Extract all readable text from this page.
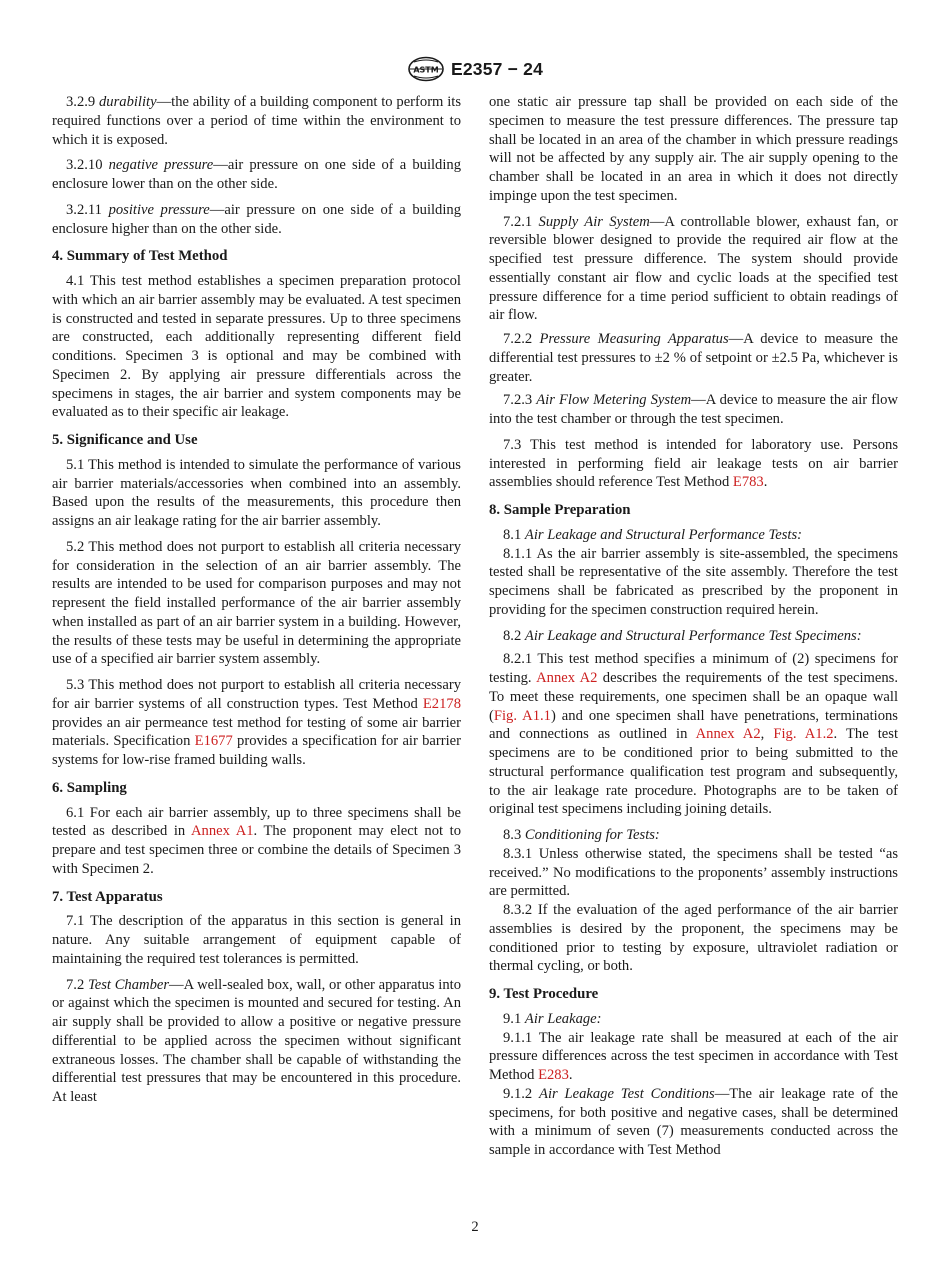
ASTM E2357 − 24

3.2.9 durability—the ability of a building component to perform its required functions over a period of time within the environment to which it is exposed.

3.2.10 negative pressure—air pressure on one side of a building enclosure lower than on the other side.

3.2.11 positive pressure—air pressure on one side of a building enclosure higher than on the other side.

4. Summary of Test Method

4.1 This test method establishes a specimen preparation protocol with which an air barrier assembly may be evaluated. A test specimen is constructed and tested in separate pressures. Up to three specimens are constructed, each additionally representing different field conditions. Specimen 3 is optional and may be combined with Specimen 2. By applying air pressure differentials across the specimens in stages, the air barrier and system components may be evaluated as to their specific air leakage.

5. Significance and Use

5.1 This method is intended to simulate the performance of various air barrier materials/accessories when combined into an assembly. Based upon the results of the measurements, this procedure then assigns an air leakage rating for the air barrier assembly.

5.2 This method does not purport to establish all criteria necessary for consideration in the selection of an air barrier assembly. The results are intended to be used for comparison purposes and may not represent the field installed performance of the air barrier assembly when installed as part of an air barrier system in a building. However, the results of these tests may be useful in determining the appropriate use of a specified air barrier system assembly.

5.3 This method does not purport to establish all criteria necessary for air barrier systems of all construction types. Test Method E2178 provides an air permeance test method for testing of some air barrier materials. Specification E1677 provides a specification for air barrier systems for low-rise framed building walls.

6. Sampling

6.1 For each air barrier assembly, up to three specimens shall be tested as described in Annex A1. The proponent may elect not to prepare and test specimen three or combine the details of Specimen 3 with Specimen 2.

7. Test Apparatus

7.1 The description of the apparatus in this section is general in nature. Any suitable arrangement of equipment capable of maintaining the required test tolerances is permitted.

7.2 Test Chamber—A well-sealed box, wall, or other apparatus into or against which the specimen is mounted and secured for testing. An air supply shall be provided to allow a positive or negative pressure differential to be applied across the specimen without significant extraneous losses. The chamber shall be capable of withstanding the differential test pressures that may be encountered in this procedure. At least

one static air pressure tap shall be provided on each side of the specimen to measure the test pressure differences. The pressure tap shall be located in an area of the chamber in which pressure readings will not be affected by any supply air. The air supply opening to the chamber shall be located in an area in which it does not directly impinge upon the test specimen.

7.2.1 Supply Air System—A controllable blower, exhaust fan, or reversible blower designed to provide the required air flow at the specified test pressure difference. The system should provide essentially constant air flow and cyclic loads at the specified test pressure difference for a time period sufficient to obtain readings of air flow.

7.2.2 Pressure Measuring Apparatus—A device to measure the differential test pressures to ±2 % of setpoint or ±2.5 Pa, whichever is greater.

7.2.3 Air Flow Metering System—A device to measure the air flow into the test chamber or through the test specimen.

7.3 This test method is intended for laboratory use. Persons interested in performing field air leakage tests on air barrier assemblies should reference Test Method E783.

8. Sample Preparation

8.1 Air Leakage and Structural Performance Tests:

8.1.1 As the air barrier assembly is site-assembled, the specimens tested shall be representative of the site assembly. Therefore the test specimens shall be fabricated as prescribed by the proponent in providing for the specimen construction required herein.

8.2 Air Leakage and Structural Performance Test Specimens:

8.2.1 This test method specifies a minimum of (2) specimens for testing. Annex A2 describes the requirements of the test specimens. To meet these requirements, one specimen shall be an opaque wall (Fig. A1.1) and one specimen shall have penetrations, terminations and connections as outlined in Annex A2, Fig. A1.2. The test specimens are to be conditioned prior to being submitted to the structural performance qualification test program and subsequently, to the air leakage rate procedure. Photographs are to be taken of original test specimens including joining details.

8.3 Conditioning for Tests:

8.3.1 Unless otherwise stated, the specimens shall be tested “as received.” No modifications to the proponents’ assembly instructions are permitted.

8.3.2 If the evaluation of the aged performance of the air barrier assemblies is desired by the proponent, the specimens may be conditioned prior to testing by exposure, ultraviolet radiation or thermal cycling, or both.

9. Test Procedure

9.1 Air Leakage:

9.1.1 The air leakage rate shall be measured at each of the air pressure differences across the test specimen in accordance with Test Method E283.

9.1.2 Air Leakage Test Conditions—The air leakage rate of the specimens, for both positive and negative cases, shall be determined with a minimum of seven (7) measurements conducted across the sample in accordance with Test Method

2
